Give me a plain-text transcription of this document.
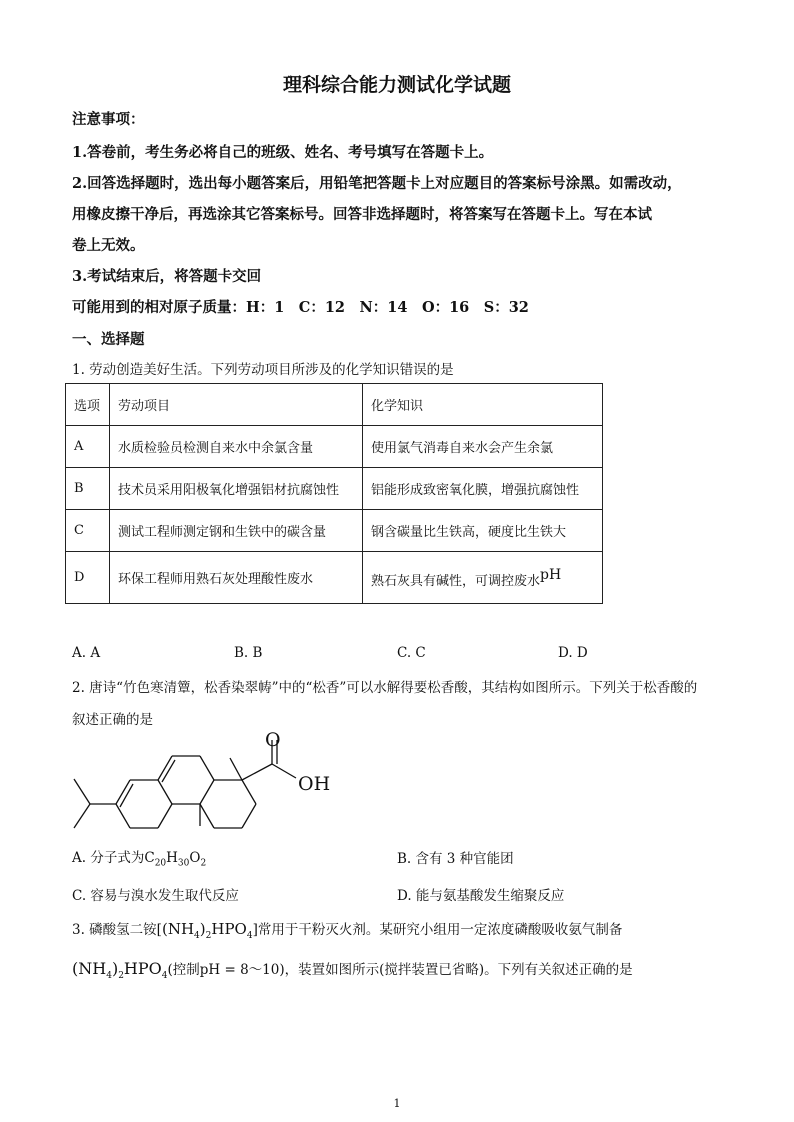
理科综合能力测试化学试题
注意事项：
1.答卷前，考生务必将自己的班级、姓名、考号填写在答题卡上。
2.回答选择题时，选出每小题答案后，用铅笔把答题卡上对应题目的答案标号涂黑。如需改动，
用橡皮擦干净后，再选涂其它答案标号。回答非选择题时，将答案写在答题卡上。写在本试
卷上无效。
3.考试结束后，将答题卡交回
可能用到的相对原子质量：H：1　C：12　N：14　O：16　S：32
一、选择题
1. 劳动创造美好生活。下列劳动项目所涉及的化学知识错误的是
选项	劳动项目	化学知识
A	水质检验员检测自来水中余氯含量	使用氯气消毒自来水会产生余氯
B	技术员采用阳极氧化增强铝材抗腐蚀性	铝能形成致密氧化膜，增强抗腐蚀性
C	测试工程师测定钢和生铁中的碳含量	钢含碳量比生铁高，硬度比生铁大
D	环保工程师用熟石灰处理酸性废水	熟石灰具有碱性，可调控废水pH
A. A	B. B	C. C	D. D
2. 唐诗“竹色寒清簟，松香染翠帱”中的“松香”可以水解得要松香酸，其结构如图所示。下列关于松香酸的
叙述正确的是
O
OH
A. 分子式为$C_{20}H_{30}O_2$	B. 含有 3 种官能团
C. 容易与溴水发生取代反应	D. 能与氨基酸发生缩聚反应
3. 磷酸氢二铵$[(NH_4)_2HPO_4]$常用于干粉灭火剂。某研究小组用一定浓度磷酸吸收氨气制备
$(NH_4)_2HPO_4$(控制pH = 8～10)，装置如图所示(搅拌装置已省略)。下列有关叙述正确的是
1
